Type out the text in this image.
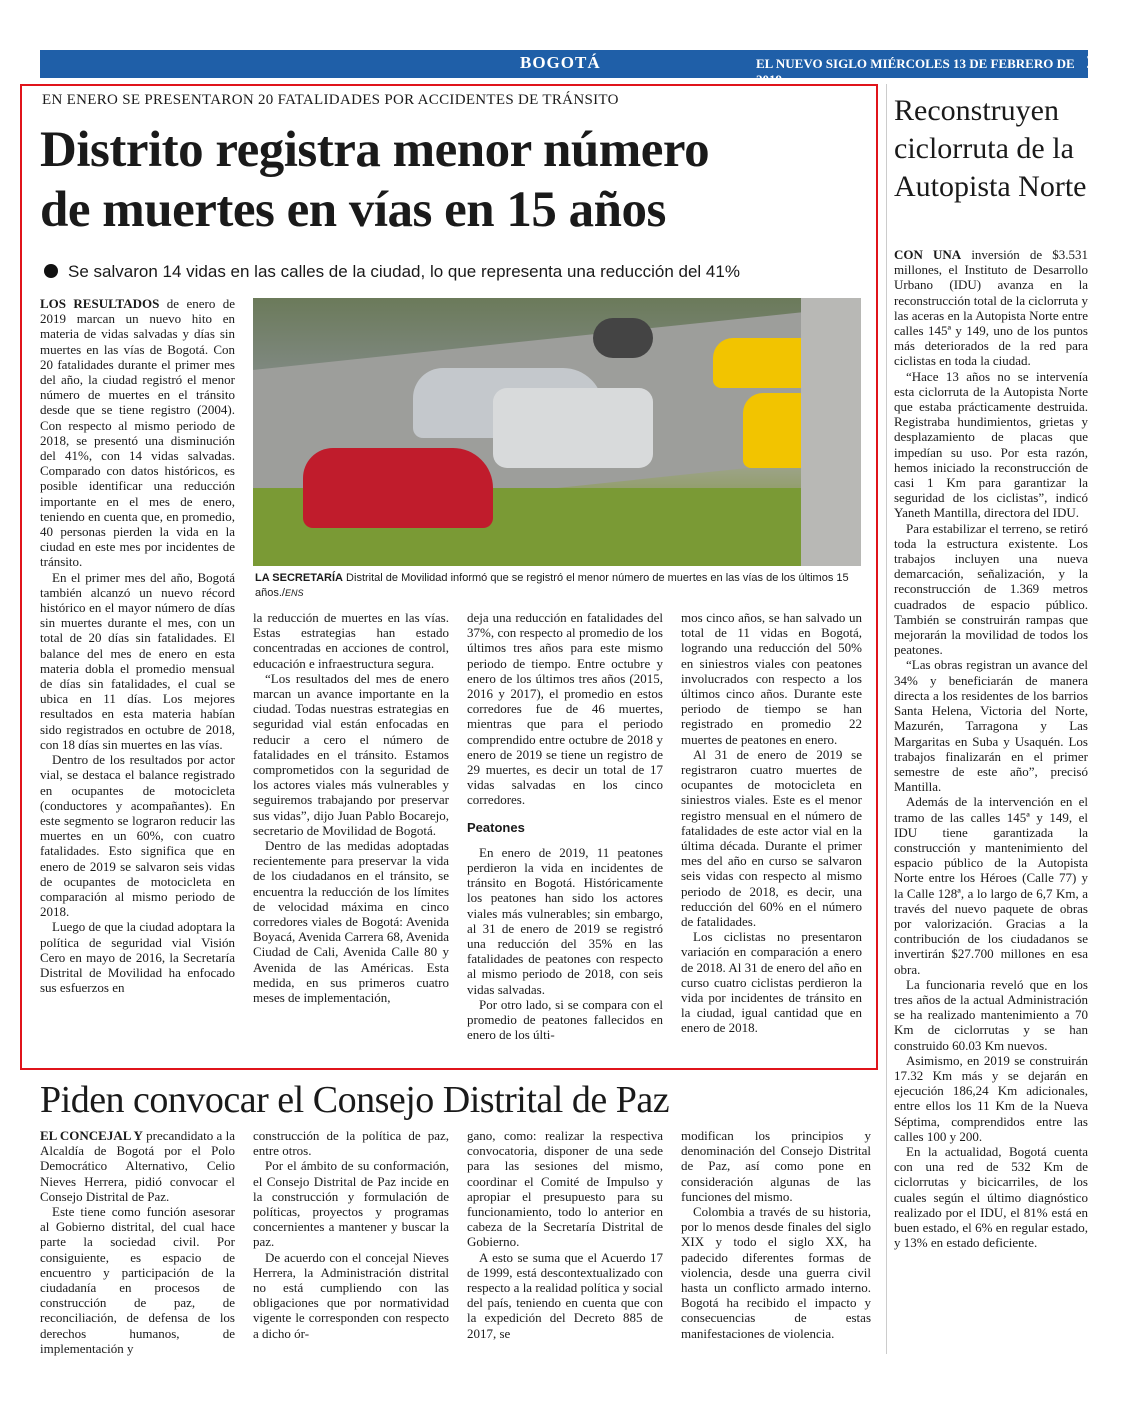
BOGOTÁ	EL NUEVO SIGLO MIÉRCOLES 13 DE FEBRERO DE 2019
17A
EN ENERO SE PRESENTARON 20 FATALIDADES POR ACCIDENTES DE TRÁNSITO
Distrito registra menor número
de muertes en vías en 15 años
Se salvaron 14 vidas en las calles de la ciudad, lo que representa una reducción del 41%

LOS RESULTADOS de enero de 2019 marcan un nuevo hito en materia de vidas salvadas y días sin muertes en las vías de Bogotá. Con 20 fatalidades durante el primer mes del año, la ciudad registró el menor número de muertes en el tránsito desde que se tiene registro (2004). Con respecto al mismo periodo de 2018, se presentó una disminución del 41%, con 14 vidas salvadas. Comparado con datos históricos, es posible identificar una reducción importante en el mes de enero, teniendo en cuenta que, en promedio, 40 personas pierden la vida en la ciudad en este mes por incidentes de tránsito.

En el primer mes del año, Bogotá también alcanzó un nuevo récord histórico en el mayor número de días sin muertes durante el mes, con un total de 20 días sin fatalidades. El balance del mes de enero en esta materia dobla el promedio mensual de días sin fatalidades, el cual se ubica en 11 días. Los mejores resultados en esta materia habían sido registrados en octubre de 2018, con 18 días sin muertes en las vías.

Dentro de los resultados por actor vial, se destaca el balance registrado en ocupantes de motocicleta (conductores y acompañantes). En este segmento se lograron reducir las muertes en un 60%, con cuatro fatalidades. Esto significa que en enero de 2019 se salvaron seis vidas de ocupantes de motocicleta en comparación al mismo periodo de 2018.

Luego de que la ciudad adoptara la política de seguridad vial Visión Cero en mayo de 2016, la Secretaría Distrital de Movilidad ha enfocado sus esfuerzos en

LA SECRETARÍA Distrital de Movilidad informó que se registró el menor número de muertes en las vías de los últimos 15 años./ENS

la reducción de muertes en las vías. Estas estrategias han estado concentradas en acciones de control, educación e infraestructura segura.

“Los resultados del mes de enero marcan un avance importante en la ciudad. Todas nuestras estrategias en seguridad vial están enfocadas en reducir a cero el número de fatalidades en el tránsito. Estamos comprometidos con la seguridad de los actores viales más vulnerables y seguiremos trabajando por preservar sus vidas”, dijo Juan Pablo Bocarejo, secretario de Movilidad de Bogotá.

Dentro de las medidas adoptadas recientemente para preservar la vida de los ciudadanos en el tránsito, se encuentra la reducción de los límites de velocidad máxima en cinco corredores viales de Bogotá: Avenida Boyacá, Avenida Carrera 68, Avenida Ciudad de Cali, Avenida Calle 80 y Avenida de las Américas. Esta medida, en sus primeros cuatro meses de implementación,

deja una reducción en fatalidades del 37%, con respecto al promedio de los últimos tres años para este mismo periodo de tiempo. Entre octubre y enero de los últimos tres años (2015, 2016 y 2017), el promedio en estos corredores fue de 46 muertes, mientras que para el periodo comprendido entre octubre de 2018 y enero de 2019 se tiene un registro de 29 muertes, es decir un total de 17 vidas salvadas en los cinco corredores.

Peatones

En enero de 2019, 11 peatones perdieron la vida en incidentes de tránsito en Bogotá. Históricamente los peatones han sido los actores viales más vulnerables; sin embargo, al 31 de enero de 2019 se registró una reducción del 35% en las fatalidades de peatones con respecto al mismo periodo de 2018, con seis vidas salvadas.

Por otro lado, si se compara con el promedio de peatones fallecidos en enero de los últi-

mos cinco años, se han salvado un total de 11 vidas en Bogotá, logrando una reducción del 50% en siniestros viales con peatones involucrados con respecto a los últimos cinco años. Durante este periodo de tiempo se han registrado en promedio 22 muertes de peatones en enero.

Al 31 de enero de 2019 se registraron cuatro muertes de ocupantes de motocicleta en siniestros viales. Este es el menor registro mensual en el número de fatalidades de este actor vial en la última década. Durante el primer mes del año en curso se salvaron seis vidas con respecto al mismo periodo de 2018, es decir, una reducción del 60% en el número de fatalidades.

Los ciclistas no presentaron variación en comparación a enero de 2018. Al 31 de enero del año en curso cuatro ciclistas perdieron la vida por incidentes de tránsito en la ciudad, igual cantidad que en enero de 2018.

Reconstruyen ciclorruta de la Autopista Norte

CON UNA inversión de $3.531 millones, el Instituto de Desarrollo Urbano (IDU) avanza en la reconstrucción total de la ciclorruta y las aceras en la Autopista Norte entre calles 145ª y 149, uno de los puntos más deteriorados de la red para ciclistas en toda la ciudad.

“Hace 13 años no se intervenía esta ciclorruta de la Autopista Norte que estaba prácticamente destruida. Registraba hundimientos, grietas y desplazamiento de placas que impedían su uso. Por esta razón, hemos iniciado la reconstrucción de casi 1 Km para garantizar la seguridad de los ciclistas”, indicó Yaneth Mantilla, directora del IDU.

Para estabilizar el terreno, se retiró toda la estructura existente. Los trabajos incluyen una nueva demarcación, señalización, y la reconstrucción de 1.369 metros cuadrados de espacio público. También se construirán rampas que mejorarán la movilidad de todos los peatones.

“Las obras registran un avance del 34% y beneficiarán de manera directa a los residentes de los barrios Santa Helena, Victoria del Norte, Mazurén, Tarragona y Las Margaritas en Suba y Usaquén. Los trabajos finalizarán en el primer semestre de este año”, precisó Mantilla.

Además de la intervención en el tramo de las calles 145ª y 149, el IDU tiene garantizada la construcción y mantenimiento del espacio público de la Autopista Norte entre los Héroes (Calle 77) y la Calle 128ª, a lo largo de 6,7 Km, a través del nuevo paquete de obras por valorización. Gracias a la contribución de los ciudadanos se invertirán $27.700 millones en esa obra.

La funcionaria reveló que en los tres años de la actual Administración se ha realizado mantenimiento a 70 Km de ciclorrutas y se han construido 60.03 Km nuevos.

Asimismo, en 2019 se construirán 17.32 Km más y se dejarán en ejecución 186,24 Km adicionales, entre ellos los 11 Km de la Nueva Séptima, comprendidos entre las calles 100 y 200.

En la actualidad, Bogotá cuenta con una red de 532 Km de ciclorrutas y bicicarriles, de los cuales según el último diagnóstico realizado por el IDU, el 81% está en buen estado, el 6% en regular estado, y 13% en estado deficiente.

Piden convocar el Consejo Distrital de Paz

EL CONCEJAL Y precandidato a la Alcaldía de Bogotá por el Polo Democrático Alternativo, Celio Nieves Herrera, pidió convocar el Consejo Distrital de Paz.

Este tiene como función asesorar al Gobierno distrital, del cual hace parte la sociedad civil. Por consiguiente, es espacio de encuentro y participación de la ciudadanía en procesos de construcción de paz, de reconciliación, de defensa de los derechos humanos, de implementación y

construcción de la política de paz, entre otros.

Por el ámbito de su conformación, el Consejo Distrital de Paz incide en la construcción y formulación de políticas, proyectos y programas concernientes a mantener y buscar la paz.

De acuerdo con el concejal Nieves Herrera, la Administración distrital no está cumpliendo con las obligaciones que por normatividad vigente le corresponden con respecto a dicho ór-

gano, como: realizar la respectiva convocatoria, disponer de una sede para las sesiones del mismo, coordinar el Comité de Impulso y apropiar el presupuesto para su funcionamiento, todo lo anterior en cabeza de la Secretaría Distrital de Gobierno.

A esto se suma que el Acuerdo 17 de 1999, está descontextualizado con respecto a la realidad política y social del país, teniendo en cuenta que con la expedición del Decreto 885 de 2017, se

modifican los principios y denominación del Consejo Distrital de Paz, así como pone en consideración algunas de las funciones del mismo.

Colombia a través de su historia, por lo menos desde finales del siglo XIX y todo el siglo XX, ha padecido diferentes formas de violencia, desde una guerra civil hasta un conflicto armado interno. Bogotá ha recibido el impacto y consecuencias de estas manifestaciones de violencia.
